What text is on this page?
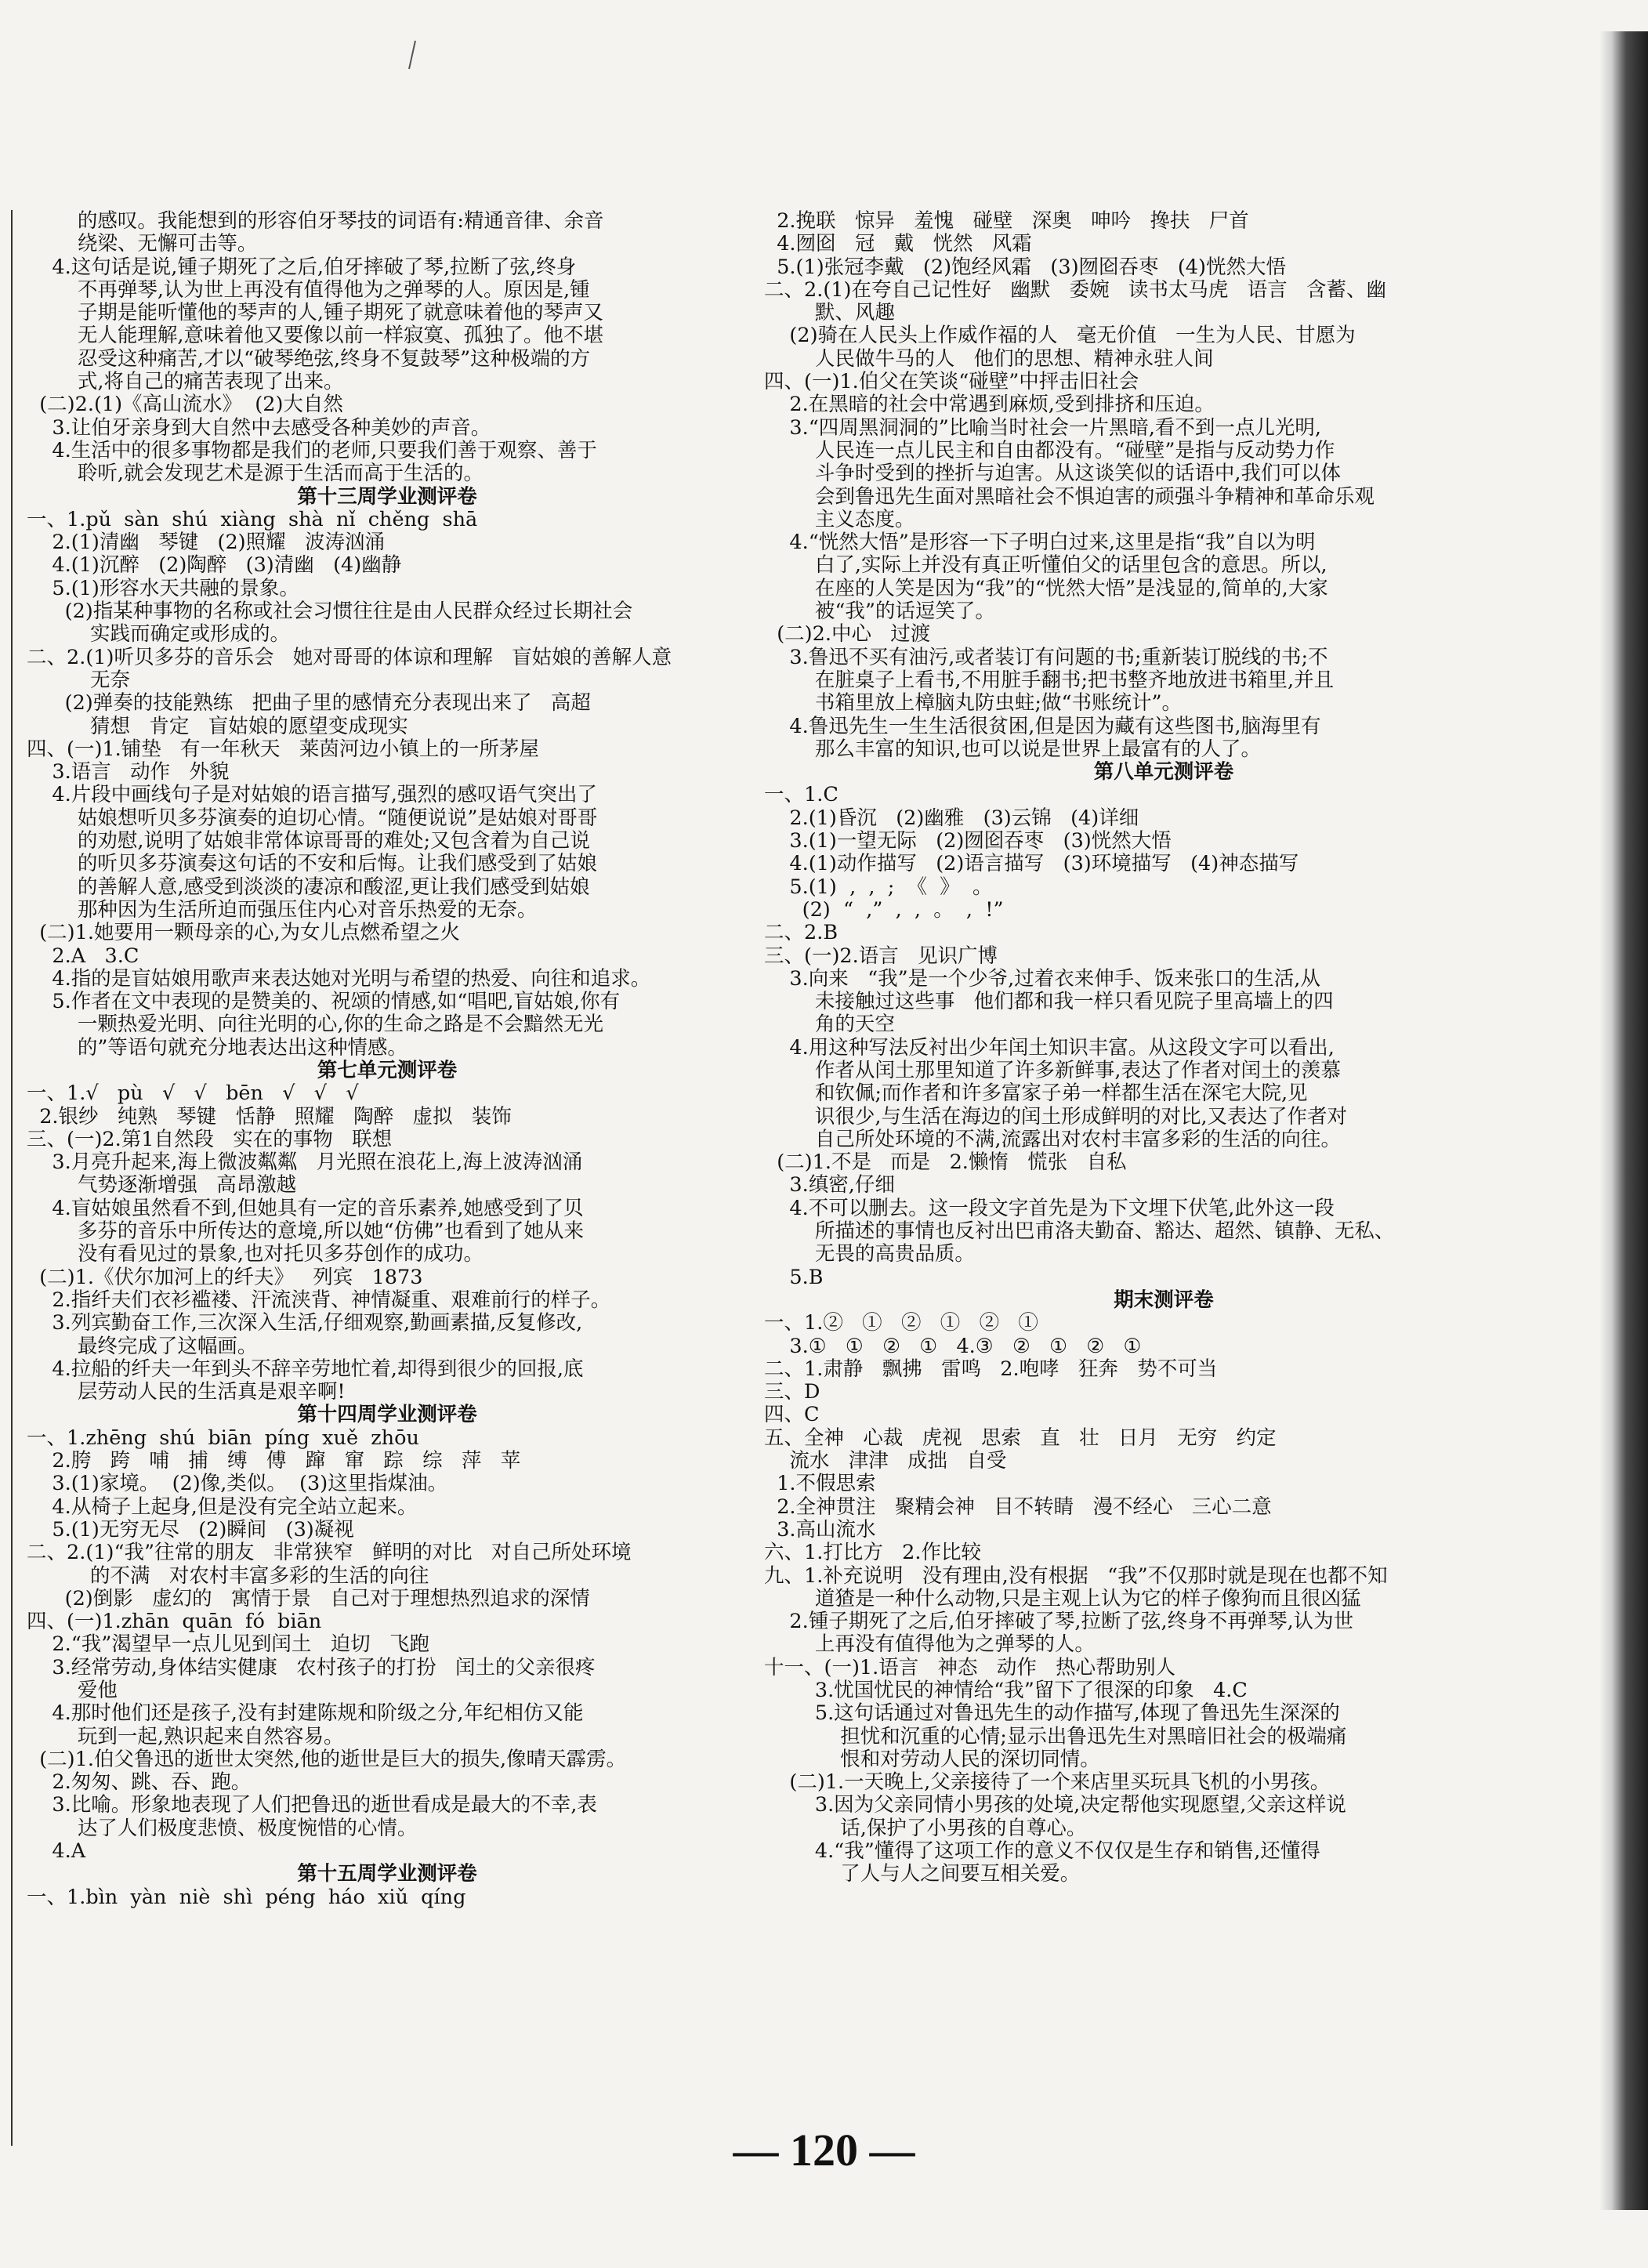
的感叹。我能想到的形容伯牙琴技的词语有:精通音律、余音
绕梁、无懈可击等。
4.这句话是说,锺子期死了之后,伯牙摔破了琴,拉断了弦,终身
不再弹琴,认为世上再没有值得他为之弹琴的人。原因是,锺
子期是能听懂他的琴声的人,锺子期死了就意味着他的琴声又
无人能理解,意味着他又要像以前一样寂寞、孤独了。他不堪
忍受这种痛苦,才以“破琴绝弦,终身不复鼓琴”这种极端的方
式,将自己的痛苦表现了出来。
(二)2.(1)《高山流水》  (2)大自然
3.让伯牙亲身到大自然中去感受各种美妙的声音。
4.生活中的很多事物都是我们的老师,只要我们善于观察、善于
聆听,就会发现艺术是源于生活而高于生活的。
第十三周学业测评卷
一、1.pǔ  sàn  shú  xiàng  shà  nǐ  chěng  shā
2.(1)清幽   琴键   (2)照耀   波涛汹涌
4.(1)沉醉   (2)陶醉   (3)清幽   (4)幽静
5.(1)形容水天共融的景象。
(2)指某种事物的名称或社会习惯往往是由人民群众经过长期社会
实践而确定或形成的。
二、2.(1)听贝多芬的音乐会   她对哥哥的体谅和理解   盲姑娘的善解人意
无奈
(2)弹奏的技能熟练   把曲子里的感情充分表现出来了   高超
猜想   肯定   盲姑娘的愿望变成现实
四、(一)1.铺垫   有一年秋天   莱茵河边小镇上的一所茅屋
3.语言   动作   外貌
4.片段中画线句子是对姑娘的语言描写,强烈的感叹语气突出了
姑娘想听贝多芬演奏的迫切心情。“随便说说”是姑娘对哥哥
的劝慰,说明了姑娘非常体谅哥哥的难处;又包含着为自己说
的听贝多芬演奏这句话的不安和后悔。让我们感受到了姑娘
的善解人意,感受到淡淡的凄凉和酸涩,更让我们感受到姑娘
那种因为生活所迫而强压住内心对音乐热爱的无奈。
(二)1.她要用一颗母亲的心,为女儿点燃希望之火
2.A   3.C
4.指的是盲姑娘用歌声来表达她对光明与希望的热爱、向往和追求。
5.作者在文中表现的是赞美的、祝颂的情感,如“唱吧,盲姑娘,你有
一颗热爱光明、向往光明的心,你的生命之路是不会黯然无光
的”等语句就充分地表达出这种情感。
第七单元测评卷
一、1.√   pù   √   √   bēn   √   √   √
2.银纱   纯熟   琴键   恬静   照耀   陶醉   虚拟   装饰
三、(一)2.第1自然段   实在的事物   联想
3.月亮升起来,海上微波粼粼   月光照在浪花上,海上波涛汹涌
气势逐渐增强   高昂激越
4.盲姑娘虽然看不到,但她具有一定的音乐素养,她感受到了贝
多芬的音乐中所传达的意境,所以她“仿佛”也看到了她从来
没有看见过的景象,也对托贝多芬创作的成功。
(二)1.《伏尔加河上的纤夫》   列宾   1873
2.指纤夫们衣衫褴褛、汗流浃背、神情凝重、艰难前行的样子。
3.列宾勤奋工作,三次深入生活,仔细观察,勤画素描,反复修改,
最终完成了这幅画。
4.拉船的纤夫一年到头不辞辛劳地忙着,却得到很少的回报,底
层劳动人民的生活真是艰辛啊!
第十四周学业测评卷
一、1.zhēng  shú  biān  píng  xuě  zhōu
2.胯   跨   哺   捕   缚   傅   蹿   窜   踪   综   萍   苹
3.(1)家境。  (2)像,类似。  (3)这里指煤油。
4.从椅子上起身,但是没有完全站立起来。
5.(1)无穷无尽   (2)瞬间   (3)凝视
二、2.(1)“我”往常的朋友   非常狭窄   鲜明的对比   对自己所处环境
的不满   对农村丰富多彩的生活的向往
(2)倒影   虚幻的   寓情于景   自己对于理想热烈追求的深情
四、(一)1.zhān  quān  fó  biān
2.“我”渴望早一点儿见到闰土   迫切   飞跑
3.经常劳动,身体结实健康   农村孩子的打扮   闰土的父亲很疼
爱他
4.那时他们还是孩子,没有封建陈规和阶级之分,年纪相仿又能
玩到一起,熟识起来自然容易。
(二)1.伯父鲁迅的逝世太突然,他的逝世是巨大的损失,像晴天霹雳。
2.匆匆、跳、吞、跑。
3.比喻。形象地表现了人们把鲁迅的逝世看成是最大的不幸,表
达了人们极度悲愤、极度惋惜的心情。
4.A
第十五周学业测评卷
一、1.bìn  yàn  niè  shì  péng  háo  xiǔ  qíng
2.挽联   惊异   羞愧   碰壁   深奥   呻吟   搀扶   尸首
4.囫囵   冠   戴   恍然   风霜
5.(1)张冠李戴   (2)饱经风霜   (3)囫囵吞枣   (4)恍然大悟
二、2.(1)在夸自己记性好   幽默   委婉   读书太马虎   语言   含蓄、幽
默、风趣
(2)骑在人民头上作威作福的人   毫无价值   一生为人民、甘愿为
人民做牛马的人   他们的思想、精神永驻人间
四、(一)1.伯父在笑谈“碰壁”中抨击旧社会
2.在黑暗的社会中常遇到麻烦,受到排挤和压迫。
3.“四周黑洞洞的”比喻当时社会一片黑暗,看不到一点儿光明,
人民连一点儿民主和自由都没有。“碰壁”是指与反动势力作
斗争时受到的挫折与迫害。从这谈笑似的话语中,我们可以体
会到鲁迅先生面对黑暗社会不惧迫害的顽强斗争精神和革命乐观
主义态度。
4.“恍然大悟”是形容一下子明白过来,这里是指“我”自以为明
白了,实际上并没有真正听懂伯父的话里包含的意思。所以,
在座的人笑是因为“我”的“恍然大悟”是浅显的,简单的,大家
被“我”的话逗笑了。
(二)2.中心   过渡
3.鲁迅不买有油污,或者装订有问题的书;重新装订脱线的书;不
在脏桌子上看书,不用脏手翻书;把书整齐地放进书箱里,并且
书箱里放上樟脑丸防虫蛀;做“书账统计”。
4.鲁迅先生一生生活很贫困,但是因为藏有这些图书,脑海里有
那么丰富的知识,也可以说是世界上最富有的人了。
第八单元测评卷
一、1.C
2.(1)昏沉   (2)幽雅   (3)云锦   (4)详细
3.(1)一望无际   (2)囫囵吞枣   (3)恍然大悟
4.(1)动作描写   (2)语言描写   (3)环境描写   (4)神态描写
5.(1)  ,  ,  ;  《  》  。
(2)  “  ,”  ,  ,  。  ,  !”
二、2.B
三、(一)2.语言   见识广博
3.向来   “我”是一个少爷,过着衣来伸手、饭来张口的生活,从
未接触过这些事   他们都和我一样只看见院子里高墙上的四
角的天空
4.用这种写法反衬出少年闰土知识丰富。从这段文字可以看出,
作者从闰土那里知道了许多新鲜事,表达了作者对闰土的羡慕
和钦佩;而作者和许多富家子弟一样都生活在深宅大院,见
识很少,与生活在海边的闰土形成鲜明的对比,又表达了作者对
自己所处环境的不满,流露出对农村丰富多彩的生活的向往。
(二)1.不是   而是   2.懒惰   慌张   自私
3.缜密,仔细
4.不可以删去。这一段文字首先是为下文埋下伏笔,此外这一段
所描述的事情也反衬出巴甫洛夫勤奋、豁达、超然、镇静、无私、
无畏的高贵品质。
5.B
期末测评卷
一、1.②   ①   ②   ①   ②   ①
3.①   ①   ②   ①   4.③   ②   ①   ②   ①
二、1.肃静   飘拂   雷鸣   2.咆哮   狂奔   势不可当
三、D
四、C
五、全神   心裁   虎视   思索   直   壮   日月   无穷   约定
流水   津津   成拙   自受
1.不假思索
2.全神贯注   聚精会神   目不转睛   漫不经心   三心二意
3.高山流水
六、1.打比方   2.作比较
九、1.补充说明   没有理由,没有根据   “我”不仅那时就是现在也都不知
道猹是一种什么动物,只是主观上认为它的样子像狗而且很凶猛
2.锺子期死了之后,伯牙摔破了琴,拉断了弦,终身不再弹琴,认为世
上再没有值得他为之弹琴的人。
十一、(一)1.语言   神态   动作   热心帮助别人
3.忧国忧民的神情给“我”留下了很深的印象   4.C
5.这句话通过对鲁迅先生的动作描写,体现了鲁迅先生深深的
担忧和沉重的心情;显示出鲁迅先生对黑暗旧社会的极端痛
恨和对劳动人民的深切同情。
(二)1.一天晚上,父亲接待了一个来店里买玩具飞机的小男孩。
3.因为父亲同情小男孩的处境,决定帮他实现愿望,父亲这样说
话,保护了小男孩的自尊心。
4.“我”懂得了这项工作的意义不仅仅是生存和销售,还懂得
了人与人之间要互相关爱。
— 120 —
